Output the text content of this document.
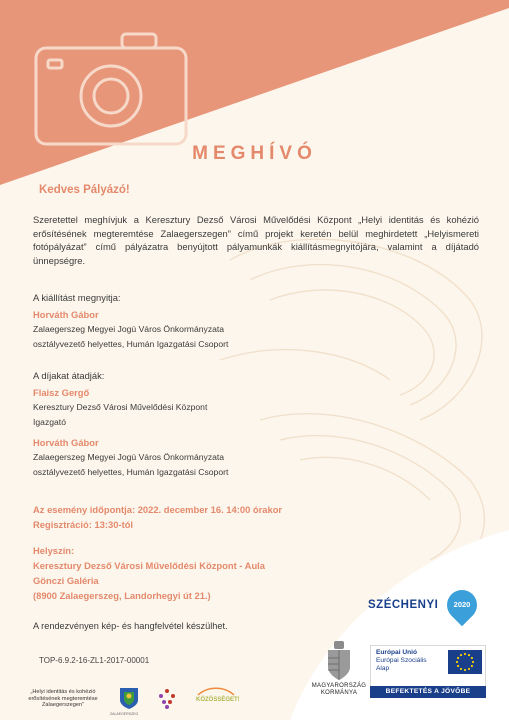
MEGHÍVÓ
Kedves Pályázó!
Szeretettel meghívjuk a Keresztury Dezső Városi Művelődési Központ „Helyi identitás és kohézió erősítésének megteremtése Zalaegerszegen” című projekt keretén belül meghirdetett „Helyismereti fotópályázat” című pályázatra benyújtott pályamunkák kiállításmegnyitójára, valamint a díjátadó ünnepségre.
A kiállítást megnyitja:
Horváth Gábor
Zalaegerszeg Megyei Jogú Város Önkormányzata
osztályvezető helyettes, Humán Igazgatási Csoport
A díjakat átadják:
Flaisz Gergő
Keresztury Dezső Városi Művelődési Központ
Igazgató
Horváth Gábor
Zalaegerszeg Megyei Jogú Város Önkormányzata
osztályvezető helyettes, Humán Igazgatási Csoport
Az esemény időpontja: 2022. december 16. 14:00 órakor
Regisztráció: 13:30-tól
Helyszín:
Keresztury Dezső Városi Művelődési Központ - Aula
Gönczi Galéria
(8900 Zalaegerszeg, Landorhegyi út 21.)
A rendezvényen kép- és hangfelvétel készülhet.
TOP-6.9.2-16-ZL1-2017-00001
„Helyi identitás és kohézió erősítésének megteremtése Zalaegerszegen”
ZALAEGERSZEG
KÖZÖSSÉGET!
MAGYARORSZÁG
KORMÁNYA
Európai Unió
Európai Szociális
Alap
BEFEKTETÉS A JÖVŐBE
SZÉCHENYI	2020
